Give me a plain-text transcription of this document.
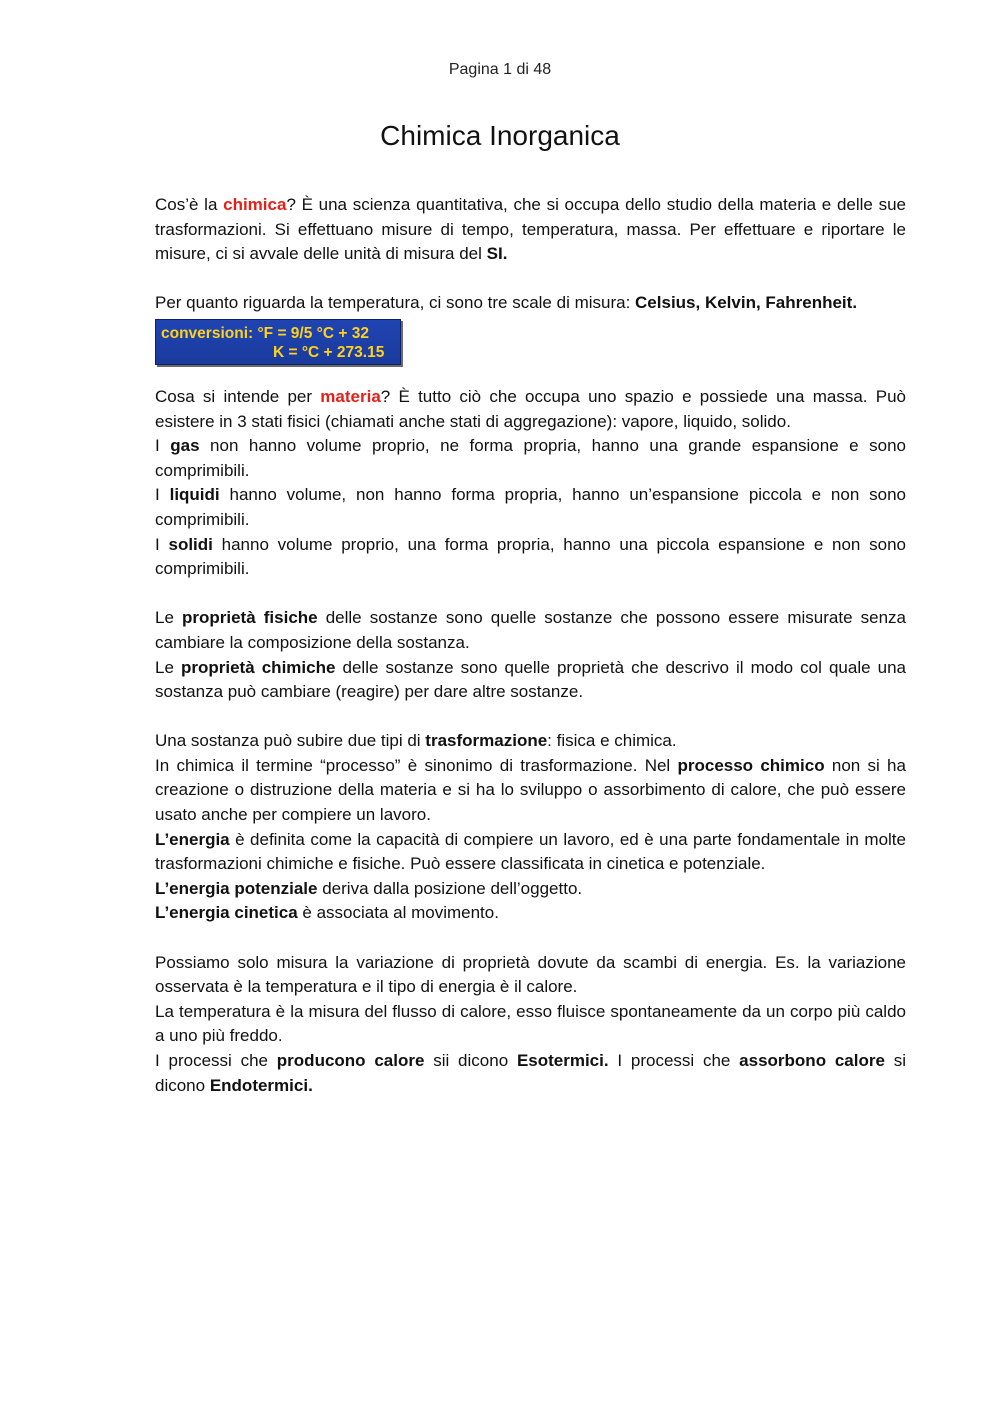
Pagina 1 di 48
Chimica Inorganica

Cos’è la chimica? È una scienza quantitativa, che si occupa dello studio della materia e delle sue trasformazioni. Si effettuano misure di tempo, temperatura, massa. Per effettuare e riportare le misure, ci si avvale delle unità di misura del SI.

Per quanto riguarda la temperatura, ci sono tre scale di misura: Celsius, Kelvin, Fahrenheit.

conversioni: °F = 9/5 °C + 32
K = °C + 273.15

Cosa si intende per materia? È tutto ciò che occupa uno spazio e possiede una massa. Può esistere in 3 stati fisici (chiamati anche stati di aggregazione): vapore, liquido, solido.

I gas non hanno volume proprio, ne forma propria, hanno una grande espansione e sono comprimibili.

I liquidi hanno volume, non hanno forma propria, hanno un’espansione piccola e non sono comprimibili.

I solidi hanno volume proprio, una forma propria, hanno una piccola espansione e non sono comprimibili.

Le proprietà fisiche delle sostanze sono quelle sostanze che possono essere misurate senza cambiare la composizione della sostanza.

Le proprietà chimiche delle sostanze sono quelle proprietà che descrivo il modo col quale una sostanza può cambiare (reagire) per dare altre sostanze.

Una sostanza può subire due tipi di trasformazione: fisica e chimica.

In chimica il termine “processo” è sinonimo di trasformazione. Nel processo chimico non si ha creazione o distruzione della materia e si ha lo sviluppo o assorbimento di calore, che può essere usato anche per compiere un lavoro.

L’energia è definita come la capacità di compiere un lavoro, ed è una parte fondamentale in molte trasformazioni chimiche e fisiche. Può essere classificata in cinetica e potenziale.

L’energia potenziale deriva dalla posizione dell’oggetto.

L’energia cinetica è associata al movimento.

Possiamo solo misura la variazione di proprietà dovute da scambi di energia. Es. la variazione osservata è la temperatura e il tipo di energia è il calore.

La temperatura è la misura del flusso di calore, esso fluisce spontaneamente da un corpo più caldo a uno più freddo.

I processi che producono calore sii dicono Esotermici. I processi che assorbono calore si dicono Endotermici.
